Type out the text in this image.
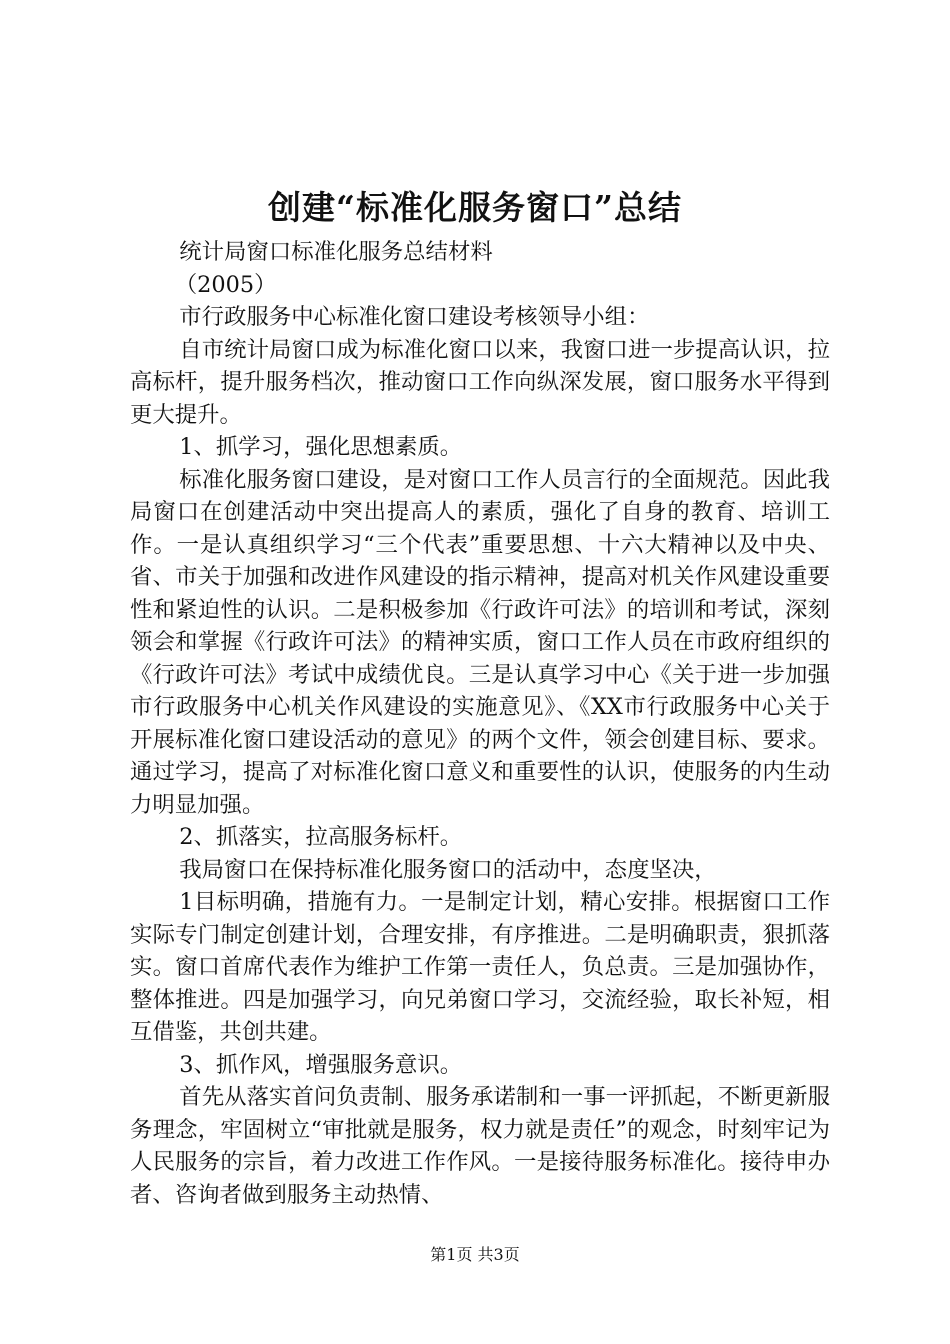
创建“标准化服务窗口”总结

统计局窗口标准化服务总结材料

（2005）

市行政服务中心标准化窗口建设考核领导小组：

自市统计局窗口成为标准化窗口以来，我窗口进一步提高认识，拉高标杆，提升服务档次，推动窗口工作向纵深发展，窗口服务水平得到更大提升。

1、抓学习，强化思想素质。

标准化服务窗口建设，是对窗口工作人员言行的全面规范。因此我局窗口在创建活动中突出提高人的素质，强化了自身的教育、培训工作。一是认真组织学习“三个代表”重要思想、十六大精神以及中央、省、市关于加强和改进作风建设的指示精神，提高对机关作风建设重要性和紧迫性的认识。二是积极参加《行政许可法》的培训和考试，深刻领会和掌握《行政许可法》的精神实质，窗口工作人员在市政府组织的《行政许可法》考试中成绩优良。三是认真学习中心《关于进一步加强市行政服务中心机关作风建设的实施意见》、《XX市行政服务中心关于开展标准化窗口建设活动的意见》的两个文件，领会创建目标、要求。通过学习，提高了对标准化窗口意义和重要性的认识，使服务的内生动力明显加强。

2、抓落实，拉高服务标杆。

我局窗口在保持标准化服务窗口的活动中，态度坚决，

1目标明确，措施有力。一是制定计划，精心安排。根据窗口工作实际专门制定创建计划，合理安排，有序推进。二是明确职责，狠抓落实。窗口首席代表作为维护工作第一责任人，负总责。三是加强协作，整体推进。四是加强学习，向兄弟窗口学习，交流经验，取长补短，相互借鉴，共创共建。

3、抓作风，增强服务意识。

首先从落实首问负责制、服务承诺制和一事一评抓起，不断更新服务理念，牢固树立“审批就是服务，权力就是责任”的观念，时刻牢记为人民服务的宗旨，着力改进工作作风。一是接待服务标准化。接待申办者、咨询者做到服务主动热情、

第1页 共3页
